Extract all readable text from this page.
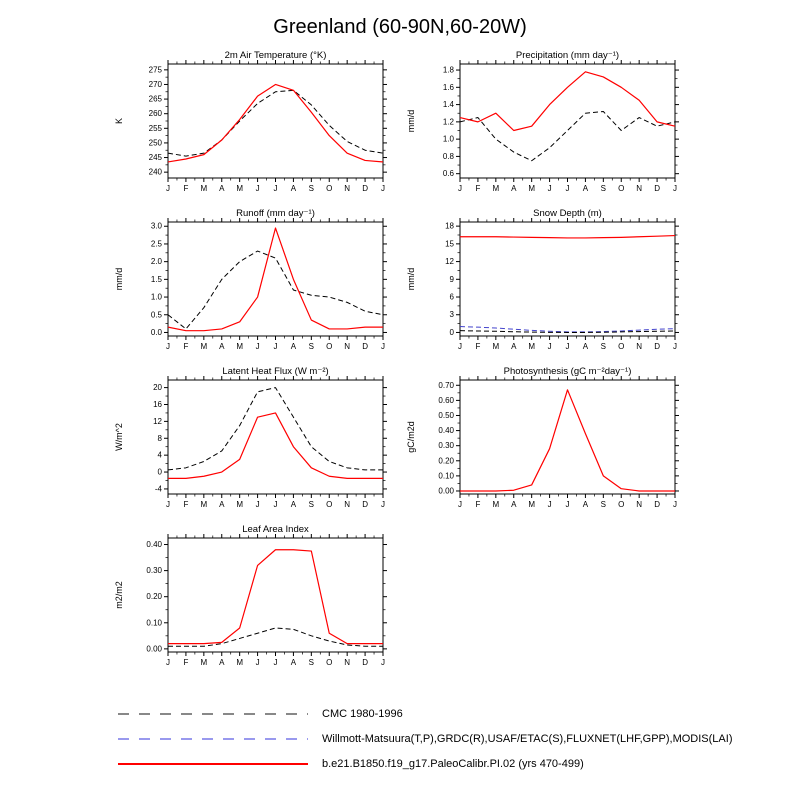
Greenland (60-90N,60-20W)
2m Air Temperature (°K)
K
240
245
250
255
260
265
270
275
J F M A M J J A S O N D J
Precipitation (mm day⁻¹)
mm/d
0.6
0.8
1.0
1.2
1.4
1.6
1.8
J F M A M J J A S O N D J
Runoff (mm day⁻¹)
mm/d
0.0
0.5
1.0
1.5
2.0
2.5
3.0
J F M A M J J A S O N D J
Snow Depth (m)
mm/d
0
3
6
9
12
15
18
J F M A M J J A S O N D J
Latent Heat Flux (W m⁻²)
W/m^2
-4
0
4
8
12
16
20
J F M A M J J A S O N D J
Photosynthesis (gC m⁻²day⁻¹)
gC/m2d
0.00
0.10
0.20
0.30
0.40
0.50
0.60
0.70
J F M A M J J A S O N D J
Leaf Area Index
m2/m2
0.00
0.10
0.20
0.30
0.40
J F M A M J J A S O N D J
CMC 1980-1996
Willmott-Matsuura(T,P),GRDC(R),USAF/ETAC(S),FLUXNET(LHF,GPP),MODIS(LAI)
b.e21.B1850.f19_g17.PaleoCalibr.PI.02 (yrs 470-499)
